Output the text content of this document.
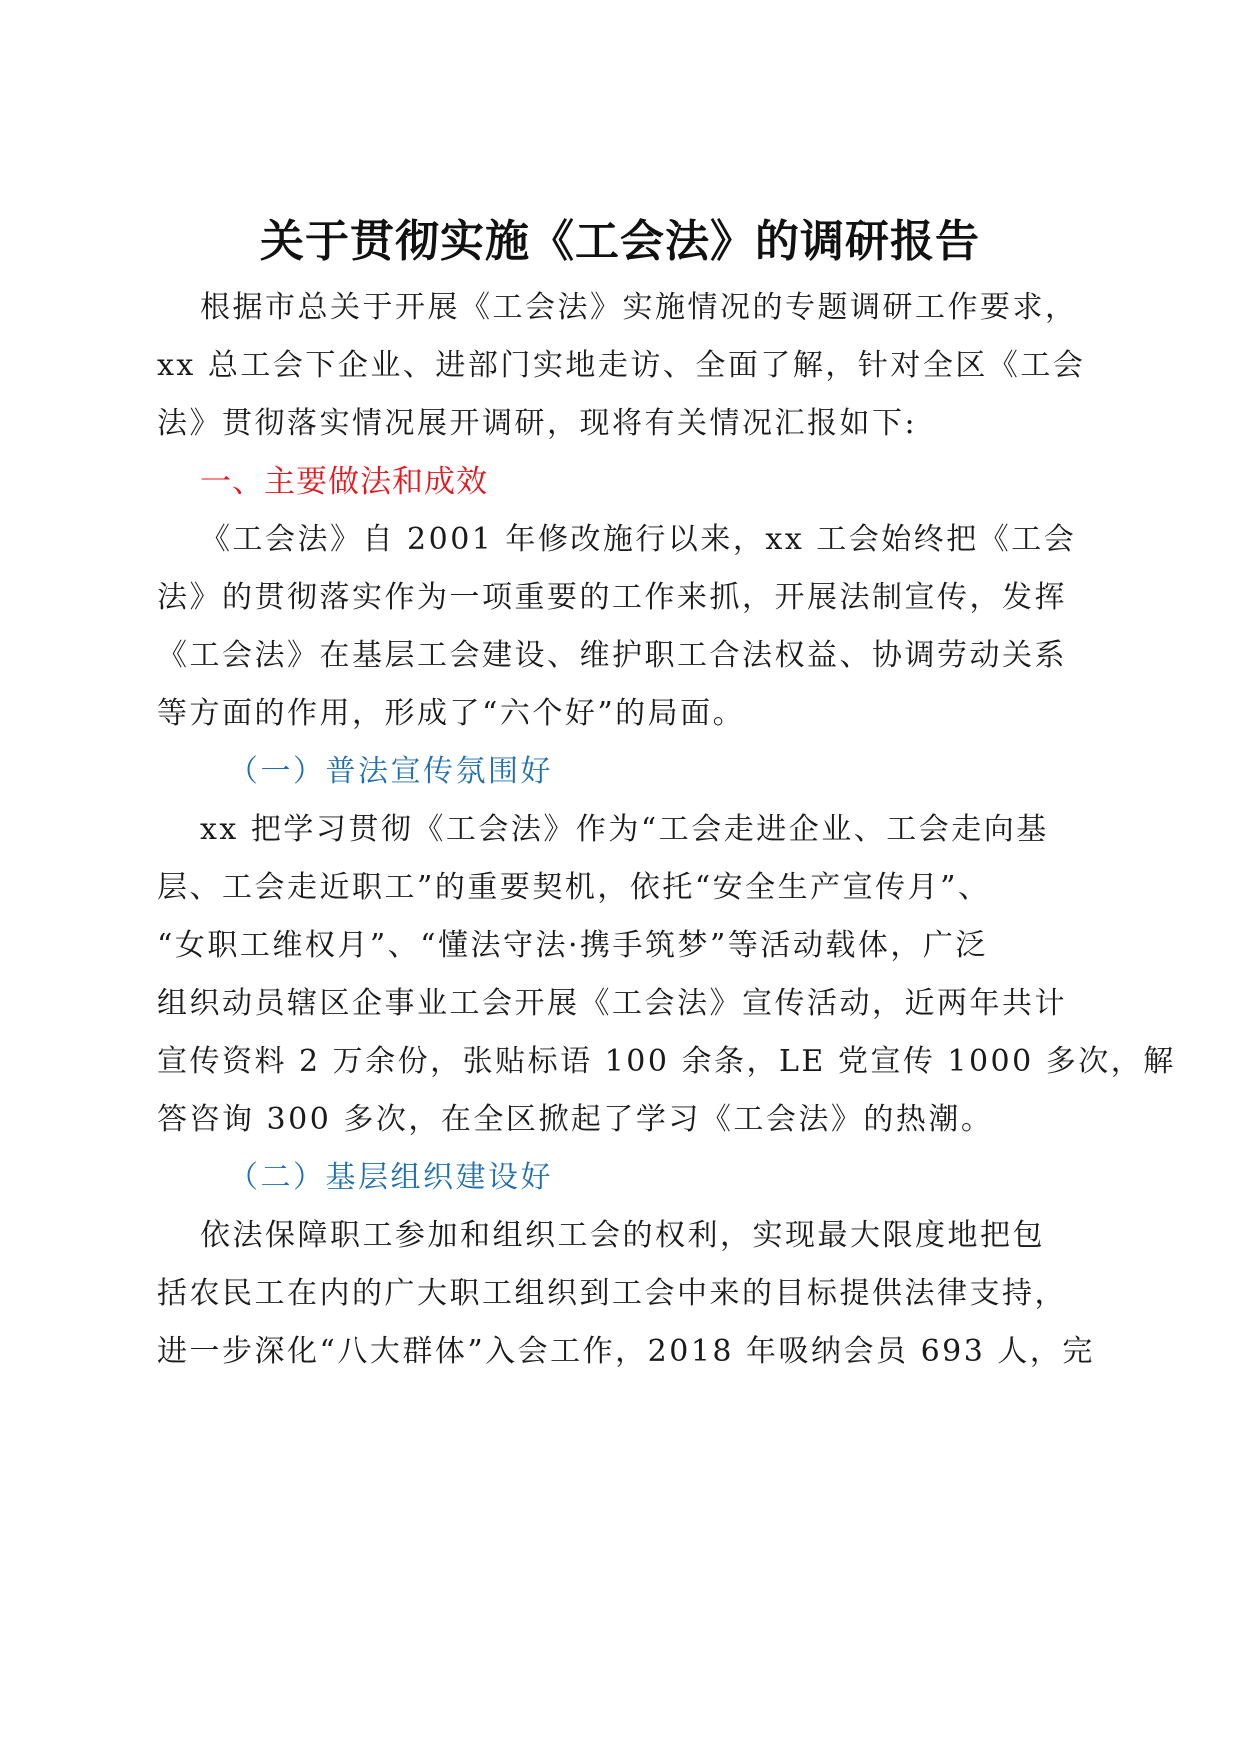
关于贯彻实施《工会法》的调研报告
根据市总关于开展《工会法》实施情况的专题调研工作要求，
xx 总工会下企业、进部门实地走访、全面了解，针对全区《工会
法》贯彻落实情况展开调研，现将有关情况汇报如下:
一、主要做法和成效
《工会法》自 2001 年修改施行以来，xx 工会始终把《工会
法》的贯彻落实作为一项重要的工作来抓，开展法制宣传，发挥
《工会法》在基层工会建设、维护职工合法权益、协调劳动关系
等方面的作用，形成了“六个好”的局面。
（一）普法宣传氛围好
xx 把学习贯彻《工会法》作为“工会走进企业、工会走向基
层、工会走近职工”的重要契机，依托“安全生产宣传月”、
“女职工维权月”、“懂法守法·携手筑梦”等活动载体，广泛
组织动员辖区企事业工会开展《工会法》宣传活动，近两年共计
宣传资料 2 万余份，张贴标语 100 余条，LE 党宣传 1000 多次，解
答咨询 300 多次，在全区掀起了学习《工会法》的热潮。
（二）基层组织建设好
依法保障职工参加和组织工会的权利，实现最大限度地把包
括农民工在内的广大职工组织到工会中来的目标提供法律支持，
进一步深化“八大群体”入会工作，2018 年吸纳会员 693 人，完
